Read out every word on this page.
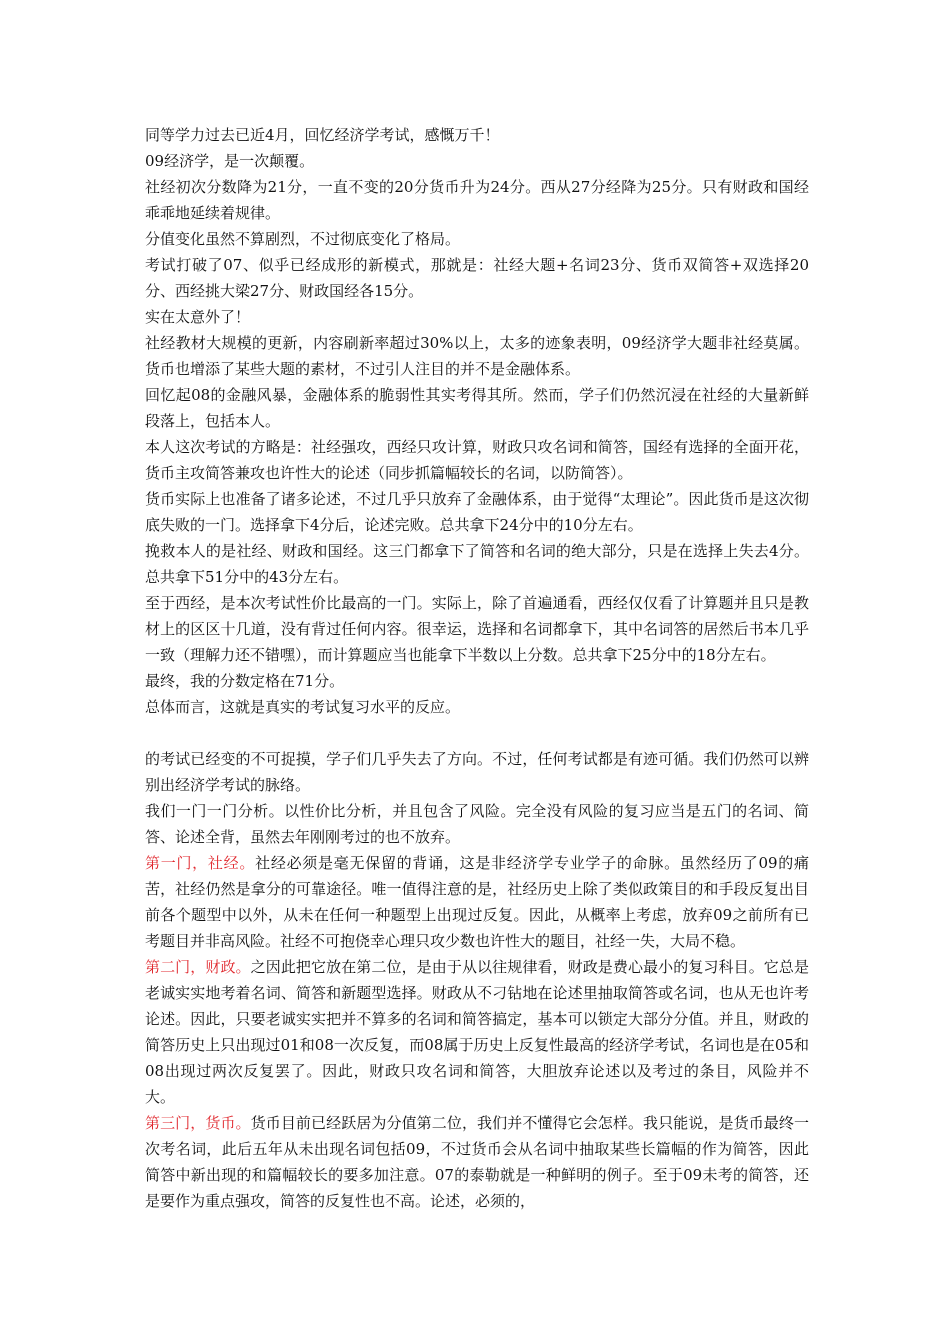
同等学力过去已近4月，回忆经济学考试，感慨万千！

09经济学，是一次颠覆。

社经初次分数降为21分，一直不变的20分货币升为24分。西从27分经降为25分。只有财政和国经乖乖地延续着规律。

分值变化虽然不算剧烈，不过彻底变化了格局。

考试打破了07、似乎已经成形的新模式，那就是：社经大题+名词23分、货币双简答+双选择20分、西经挑大梁27分、财政国经各15分。

实在太意外了！

社经教材大规模的更新，内容刷新率超过30%以上，太多的迹象表明，09经济学大题非社经莫属。货币也增添了某些大题的素材，不过引人注目的并不是金融体系。

回忆起08的金融风暴，金融体系的脆弱性其实考得其所。然而，学子们仍然沉浸在社经的大量新鲜段落上，包括本人。

本人这次考试的方略是：社经强攻，西经只攻计算，财政只攻名词和简答，国经有选择的全面开花，货币主攻简答兼攻也许性大的论述（同步抓篇幅较长的名词，以防简答）。

货币实际上也准备了诸多论述，不过几乎只放弃了金融体系，由于觉得“太理论”。因此货币是这次彻底失败的一门。选择拿下4分后，论述完败。总共拿下24分中的10分左右。

挽救本人的是社经、财政和国经。这三门都拿下了简答和名词的绝大部分，只是在选择上失去4分。总共拿下51分中的43分左右。

至于西经，是本次考试性价比最高的一门。实际上，除了首遍通看，西经仅仅看了计算题并且只是教材上的区区十几道，没有背过任何内容。很幸运，选择和名词都拿下，其中名词答的居然后书本几乎一致（理解力还不错嘿），而计算题应当也能拿下半数以上分数。总共拿下25分中的18分左右。

最终，我的分数定格在71分。

总体而言，这就是真实的考试复习水平的反应。

的考试已经变的不可捉摸，学子们几乎失去了方向。不过，任何考试都是有迹可循。我们仍然可以辨别出经济学考试的脉络。

我们一门一门分析。以性价比分析，并且包含了风险。完全没有风险的复习应当是五门的名词、简答、论述全背，虽然去年刚刚考过的也不放弃。

第一门，社经。社经必须是毫无保留的背诵，这是非经济学专业学子的命脉。虽然经历了09的痛苦，社经仍然是拿分的可靠途径。唯一值得注意的是，社经历史上除了类似政策目的和手段反复出目前各个题型中以外，从未在任何一种题型上出现过反复。因此，从概率上考虑，放弃09之前所有已考题目并非高风险。社经不可抱侥幸心理只攻少数也许性大的题目，社经一失，大局不稳。

第二门，财政。之因此把它放在第二位，是由于从以往规律看，财政是费心最小的复习科目。它总是老诚实实地考着名词、简答和新题型选择。财政从不刁钻地在论述里抽取简答或名词，也从无也许考论述。因此，只要老诚实实把并不算多的名词和简答搞定，基本可以锁定大部分分值。并且，财政的简答历史上只出现过01和08一次反复，而08属于历史上反复性最高的经济学考试，名词也是在05和08出现过两次反复罢了。因此，财政只攻名词和简答，大胆放弃论述以及考过的条目，风险并不大。

第三门，货币。货币目前已经跃居为分值第二位，我们并不懂得它会怎样。我只能说，是货币最终一次考名词，此后五年从未出现名词包括09，不过货币会从名词中抽取某些长篇幅的作为简答，因此简答中新出现的和篇幅较长的要多加注意。07的泰勒就是一种鲜明的例子。至于09未考的简答，还是要作为重点强攻，简答的反复性也不高。论述，必须的，
